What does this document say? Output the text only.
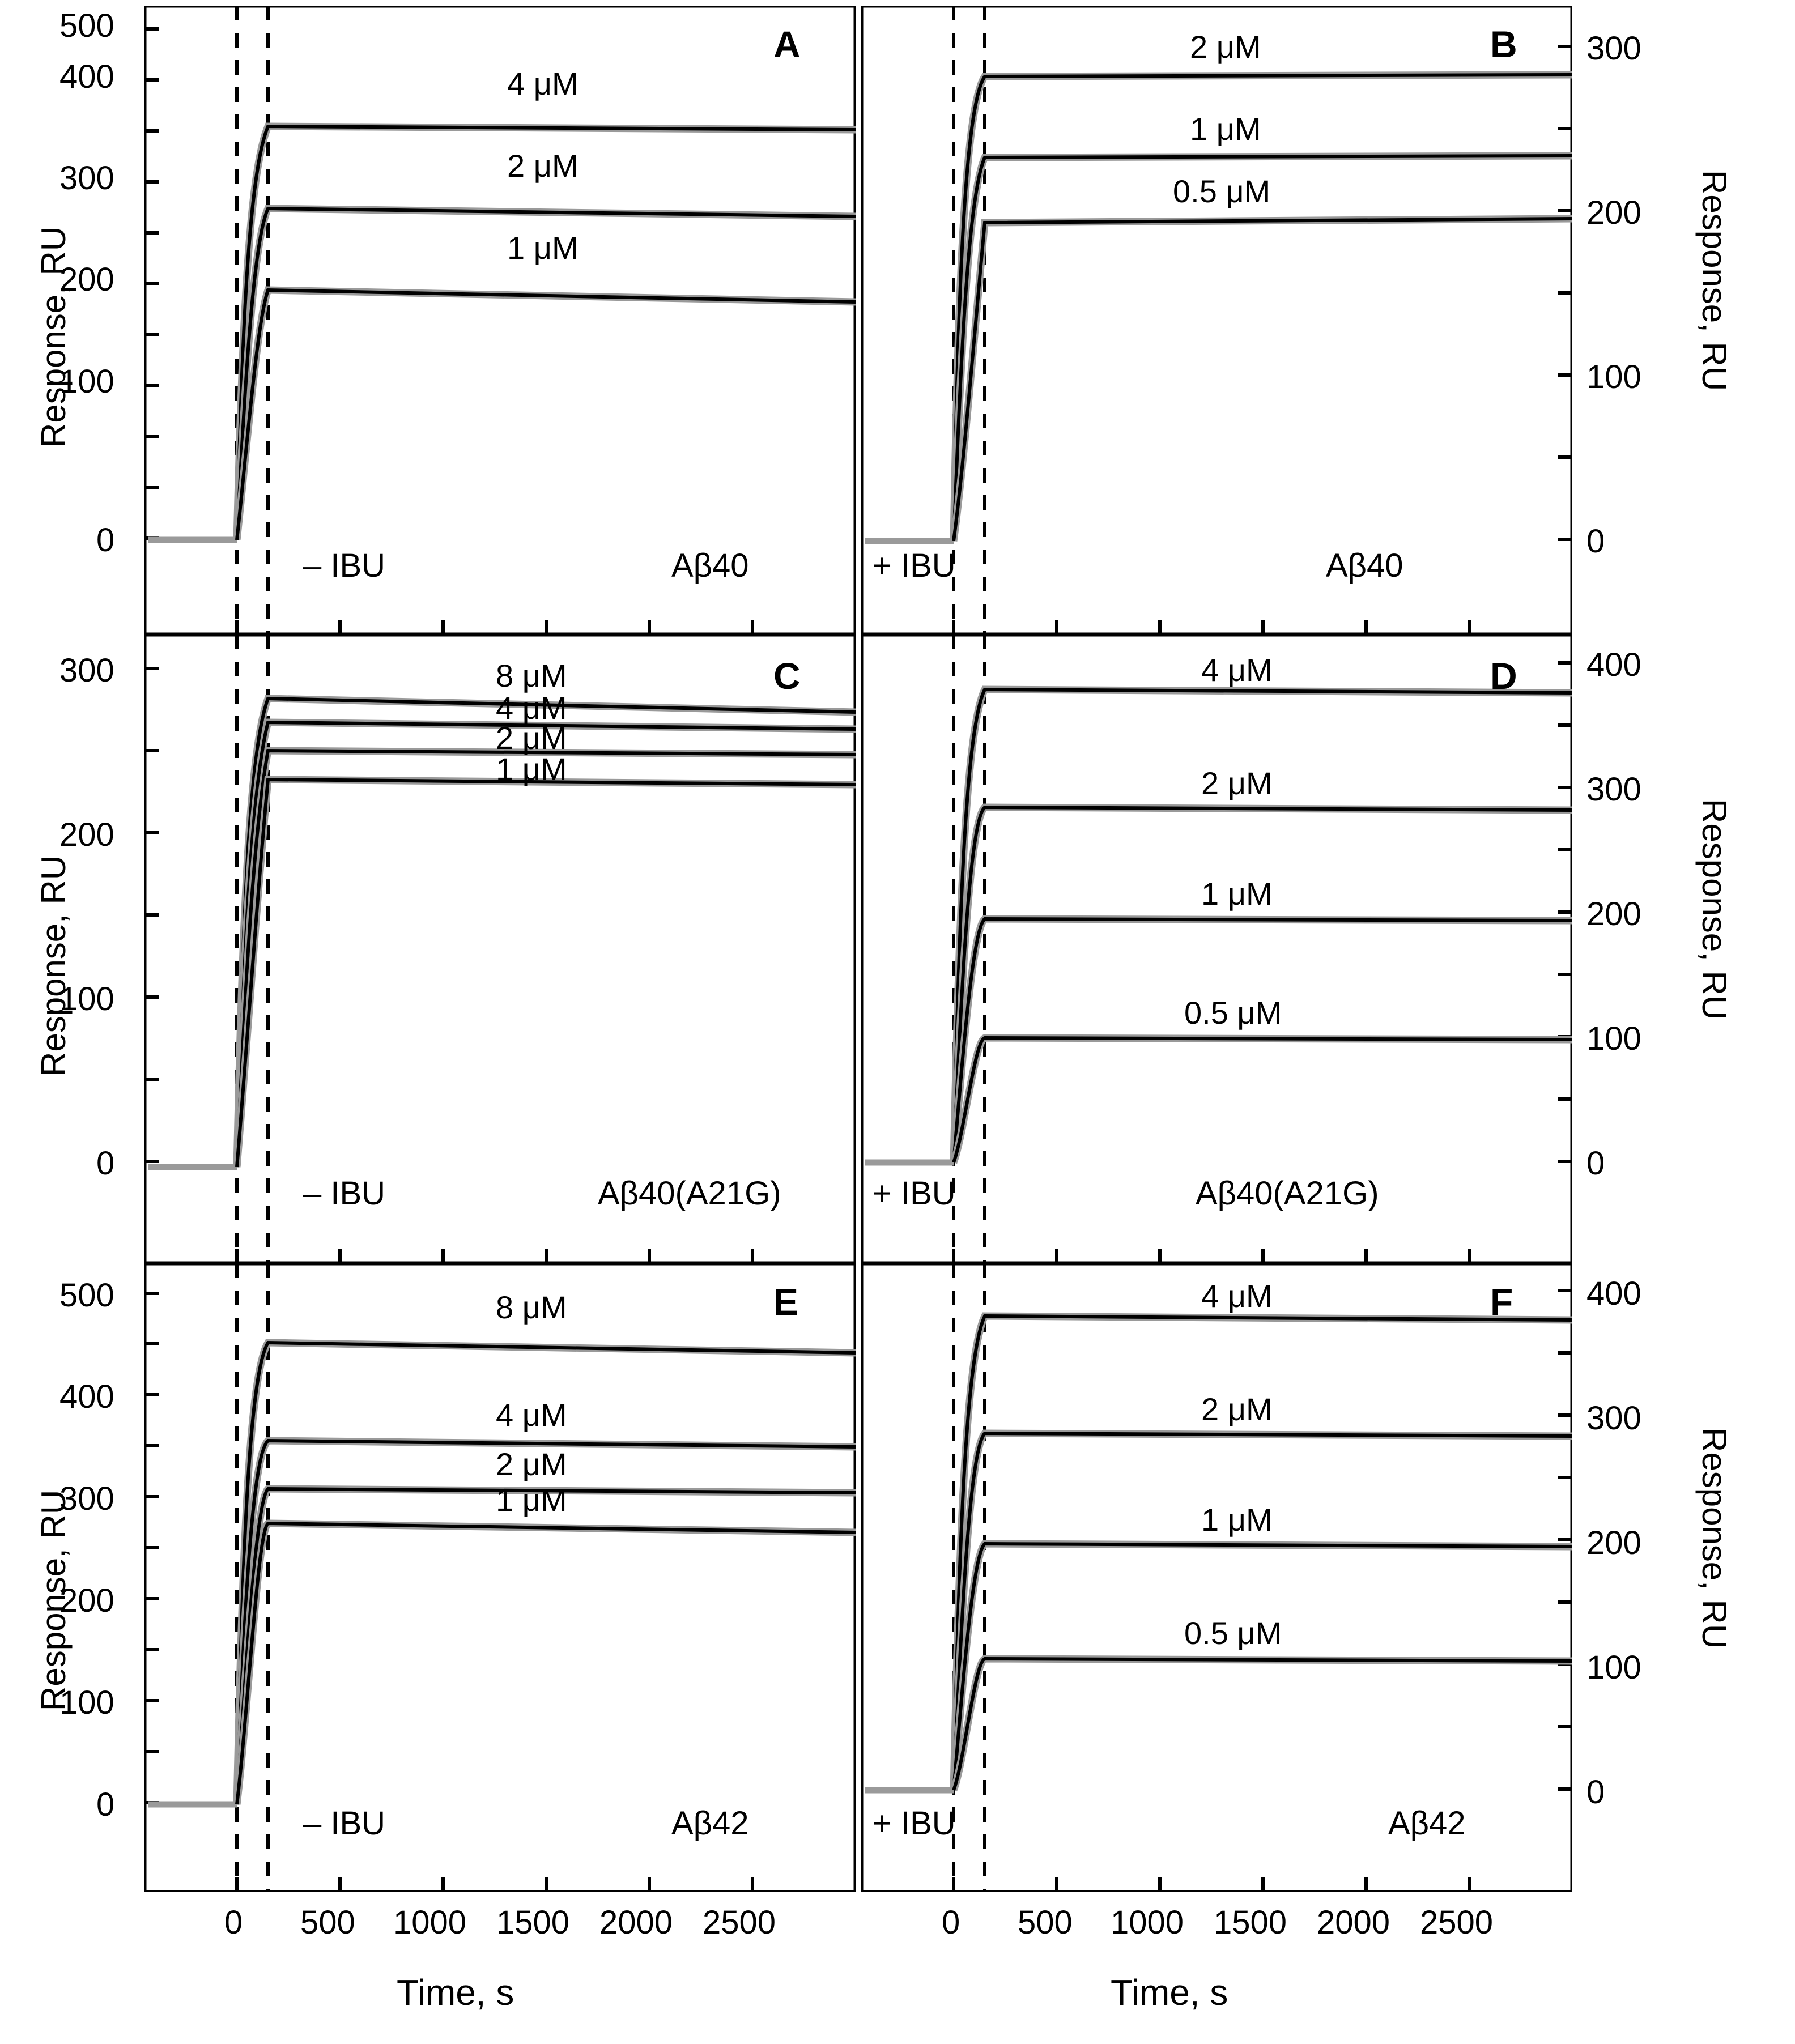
A
4 μM
2 μM
1 μM
– IBU	Aβ40
500
400
300
200
100
0
Response, RU
B
2 μM
1 μM
0.5 μM
+ IBU	Aβ40
300
200
100
0
Response, RU
C
8 μM
4 μM
2 μM
1 μM
– IBU	Aβ40(A21G)
300
200
100
0
Response, RU
D
4 μM
2 μM
1 μM
0.5 μM
+ IBU	Aβ40(A21G)
400
300
200
100
0
Response, RU
E
8 μM
4 μM
2 μM
1 μM
– IBU	Aβ42
500
400
300
200
100
0
Response, RU
F
4 μM
2 μM
1 μM
0.5 μM
+ IBU	Aβ42
400
300
200
100
0
Response, RU
0 500 1000 1500 2000 2500	0 500 1000 1500 2000 2500
Time, s	Time, s
